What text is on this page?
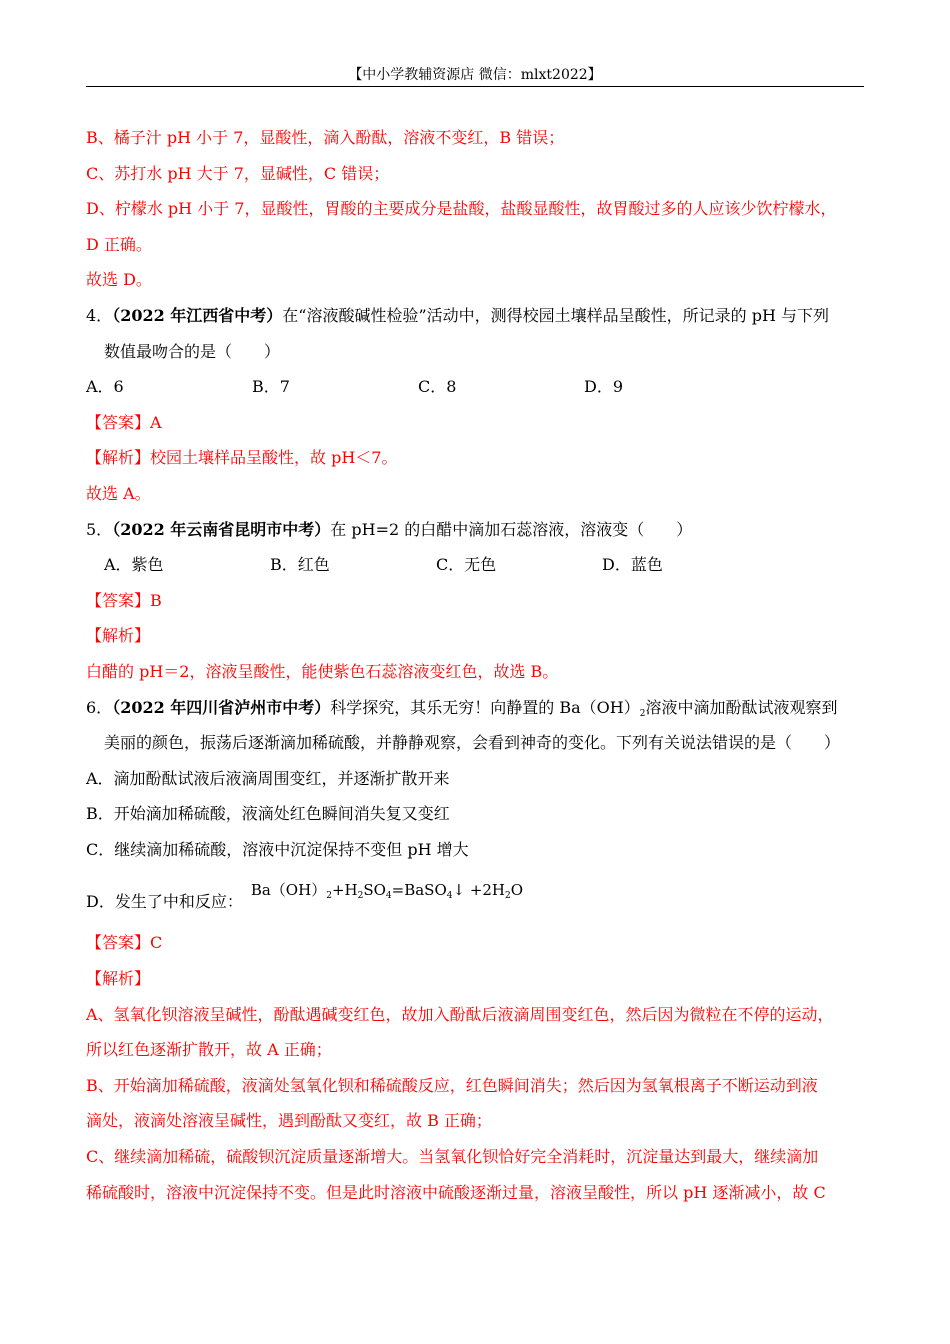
【中小学教辅资源店 微信：mlxt2022】
B、橘子汁 pH 小于 7，显酸性，滴入酚酞，溶液不变红，B 错误；
C、苏打水 pH 大于 7，显碱性，C 错误；
D、柠檬水 pH 小于 7，显酸性，胃酸的主要成分是盐酸，盐酸显酸性，故胃酸过多的人应该少饮柠檬水，
D 正确。
故选 D。
4．（2022 年江西省中考）在“溶液酸碱性检验”活动中，测得校园土壤样品呈酸性，所记录的 pH 与下列
数值最吻合的是（　　）
A．6	B．7	C．8	D．9
【答案】A
【解析】校园土壤样品呈酸性，故 pH＜7。
故选 A。
5．（2022 年云南省昆明市中考）在 pH=2 的白醋中滴加石蕊溶液，溶液变（　　）
A．紫色	B．红色	C．无色	D．蓝色
【答案】B
【解析】
白醋的 pH＝2，溶液呈酸性，能使紫色石蕊溶液变红色，故选 B。
6．（2022 年四川省泸州市中考）科学探究，其乐无穷！向静置的 $Ba(OH)_2$溶液中滴加酚酞试液观察到
美丽的颜色，振荡后逐渐滴加稀硫酸，并静静观察，会看到神奇的变化。下列有关说法错误的是（　　）
A．滴加酚酞试液后液滴周围变红，并逐渐扩散开来
B．开始滴加稀硫酸，液滴处红色瞬间消失复又变红
C．继续滴加稀硫酸，溶液中沉淀保持不变但 pH 增大
D．发生了中和反应：$Ba(OH)_2+H_2SO_4=BaSO_4↓ +2H_2O$
【答案】C
【解析】
A、氢氧化钡溶液呈碱性，酚酞遇碱变红色，故加入酚酞后液滴周围变红色，然后因为微粒在不停的运动，
所以红色逐渐扩散开，故 A 正确；
B、开始滴加稀硫酸，液滴处氢氧化钡和稀硫酸反应，红色瞬间消失；然后因为氢氧根离子不断运动到液
滴处，液滴处溶液呈碱性，遇到酚酞又变红，故 B 正确；
C、继续滴加稀硫，硫酸钡沉淀质量逐渐增大。当氢氧化钡恰好完全消耗时，沉淀量达到最大，继续滴加
稀硫酸时，溶液中沉淀保持不变。但是此时溶液中硫酸逐渐过量，溶液呈酸性，所以 pH 逐渐减小，故 C
